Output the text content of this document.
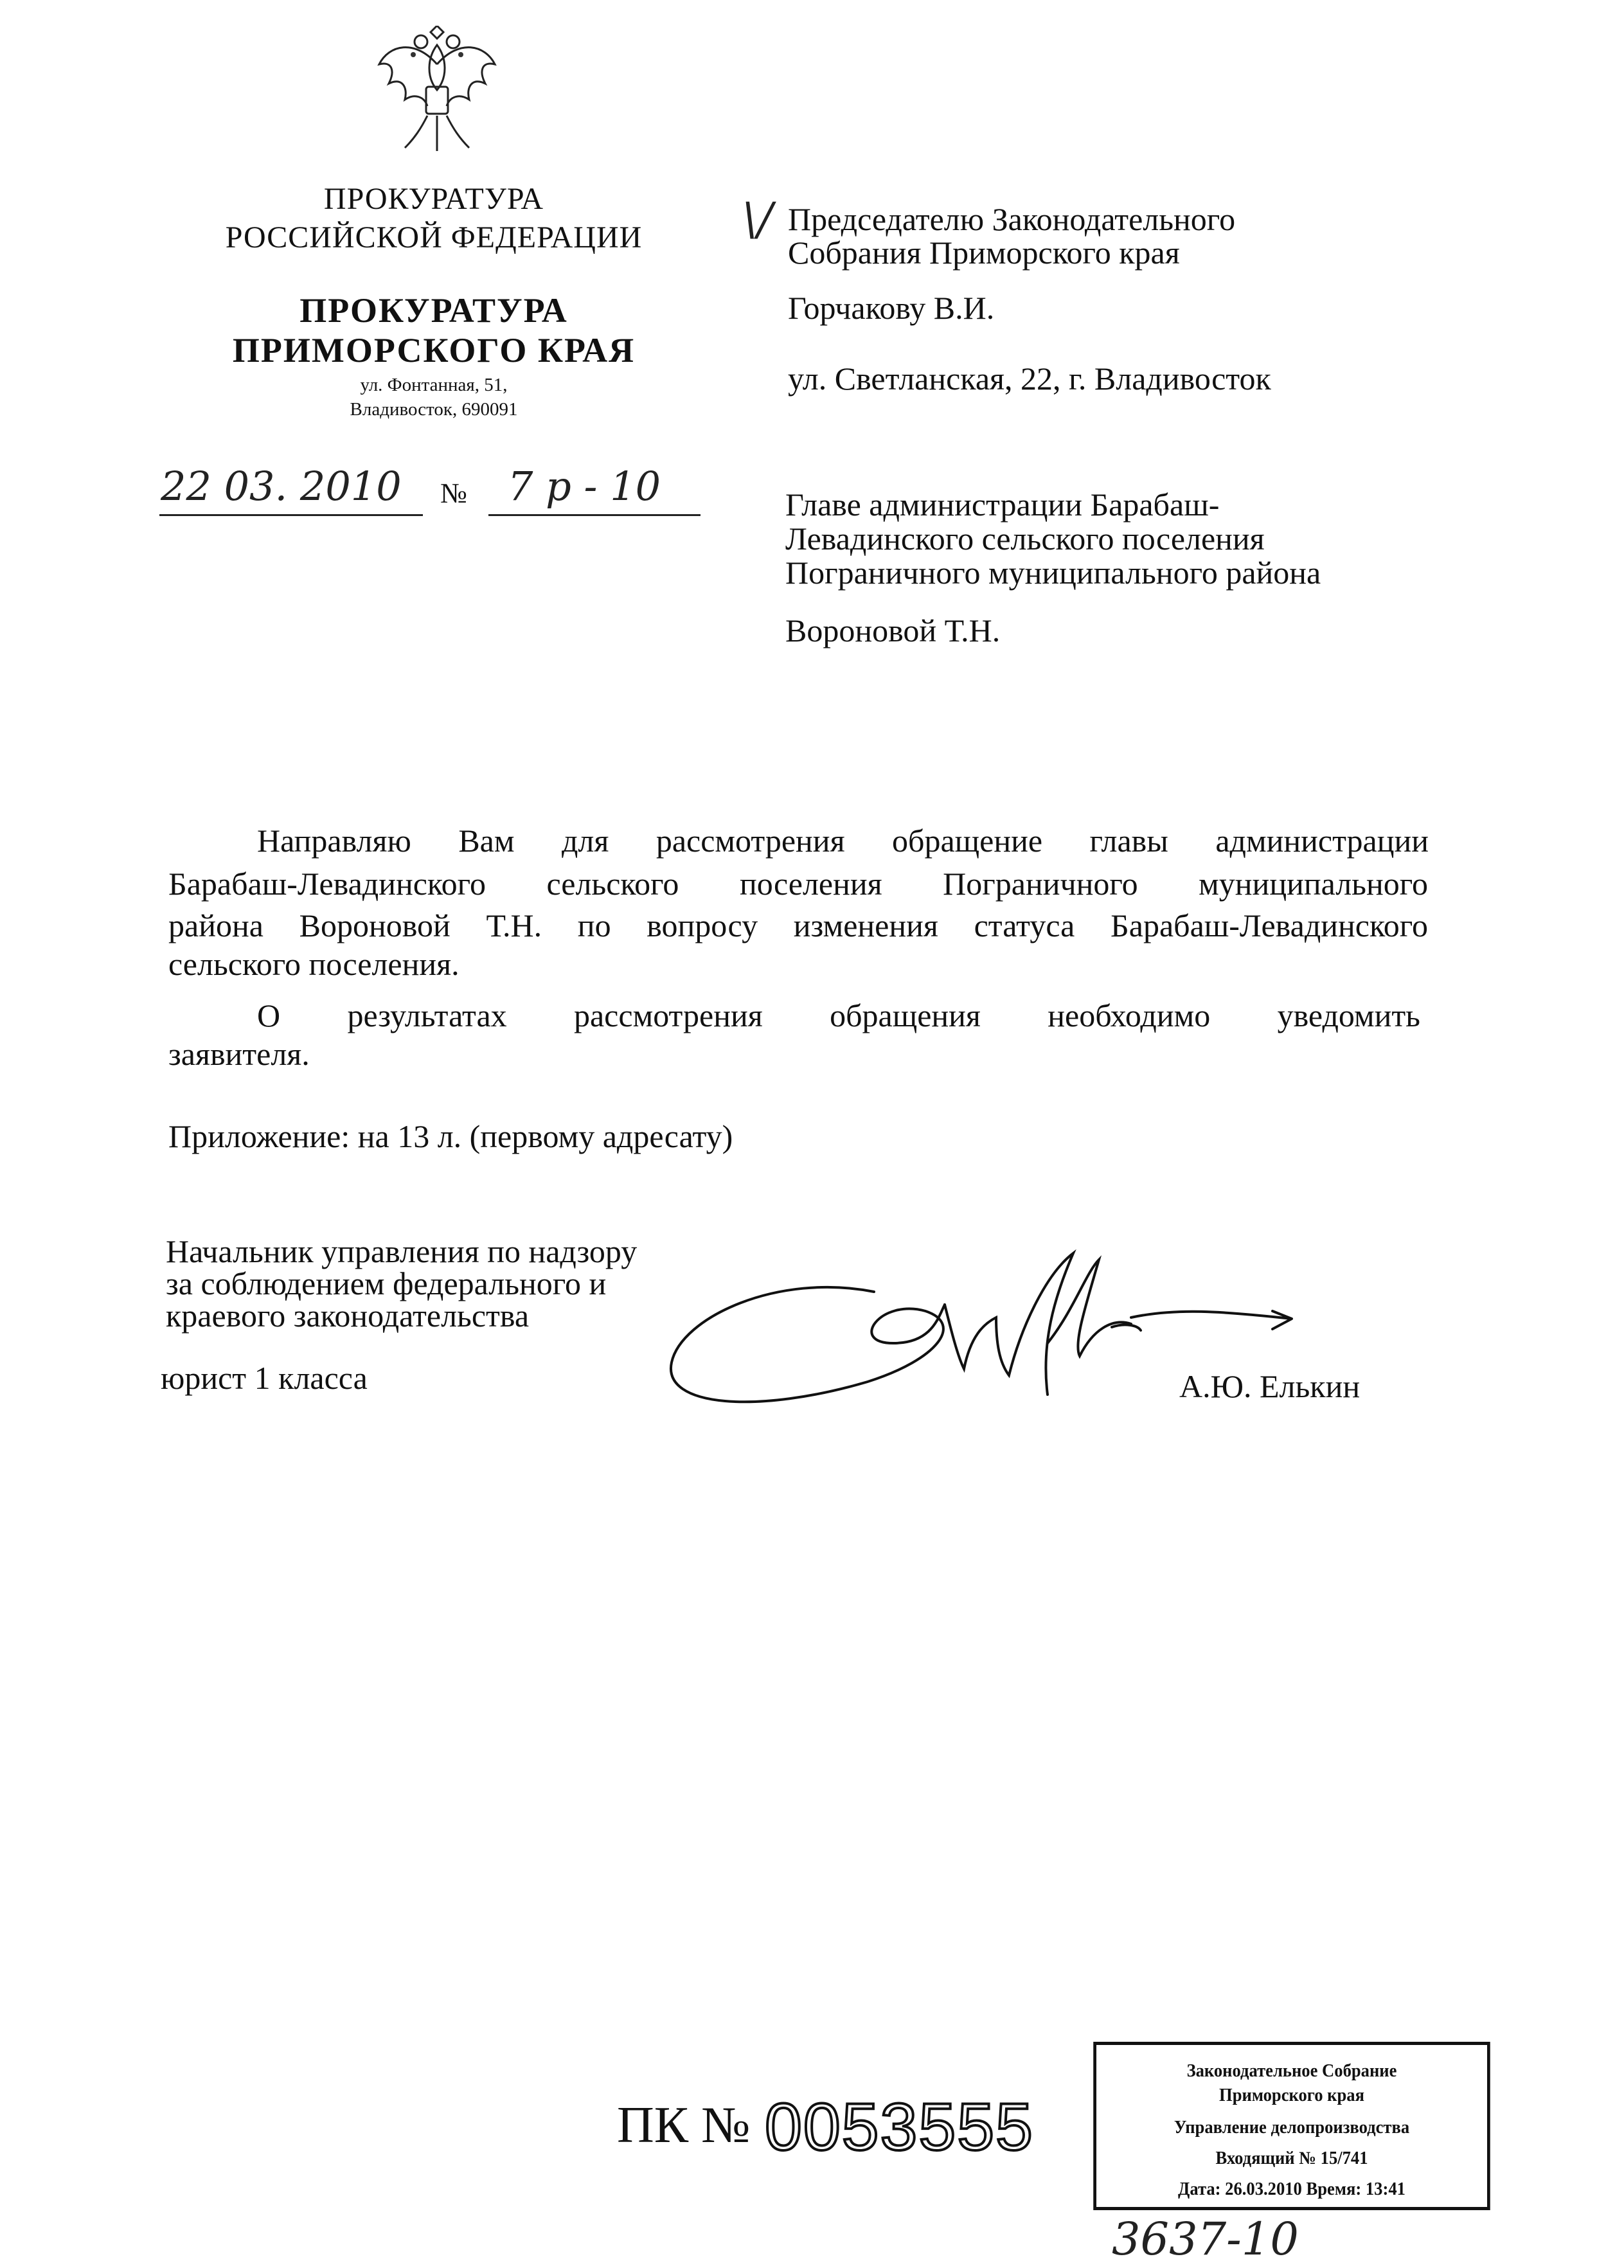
ПРОКУРАТУРА
РОССИЙСКОЙ ФЕДЕРАЦИИ
ПРОКУРАТУРА
ПРИМОРСКОГО КРАЯ
ул. Фонтанная, 51,
Владивосток, 690091
22 03. 2010 № 7 р - 10
\/ Председателю Законодательного
Собрания Приморского края
Горчакову В.И.
ул. Светланская, 22, г. Владивосток
Главе администрации Барабаш-
Левадинского сельского поселения
Пограничного муниципального района
Вороновой Т.Н.
Направляю Вам для рассмотрения обращение главы администрации
Барабаш-Левадинского сельского поселения Пограничного муниципального
района Вороновой Т.Н. по вопросу изменения статуса Барабаш-Левадинского
сельского поселения.
О результатах рассмотрения обращения необходимо уведомить
заявителя.
Приложение: на 13 л. (первому адресату)
Начальник управления по надзору
за соблюдением федерального и
краевого законодательства
юрист 1 класса	А.Ю. Елькин
ПК № 0053555
Законодательное Собрание
Приморского края
Управление делопроизводства
Входящий № 15/741
Дата: 26.03.2010 Время: 13:41
3637-10
